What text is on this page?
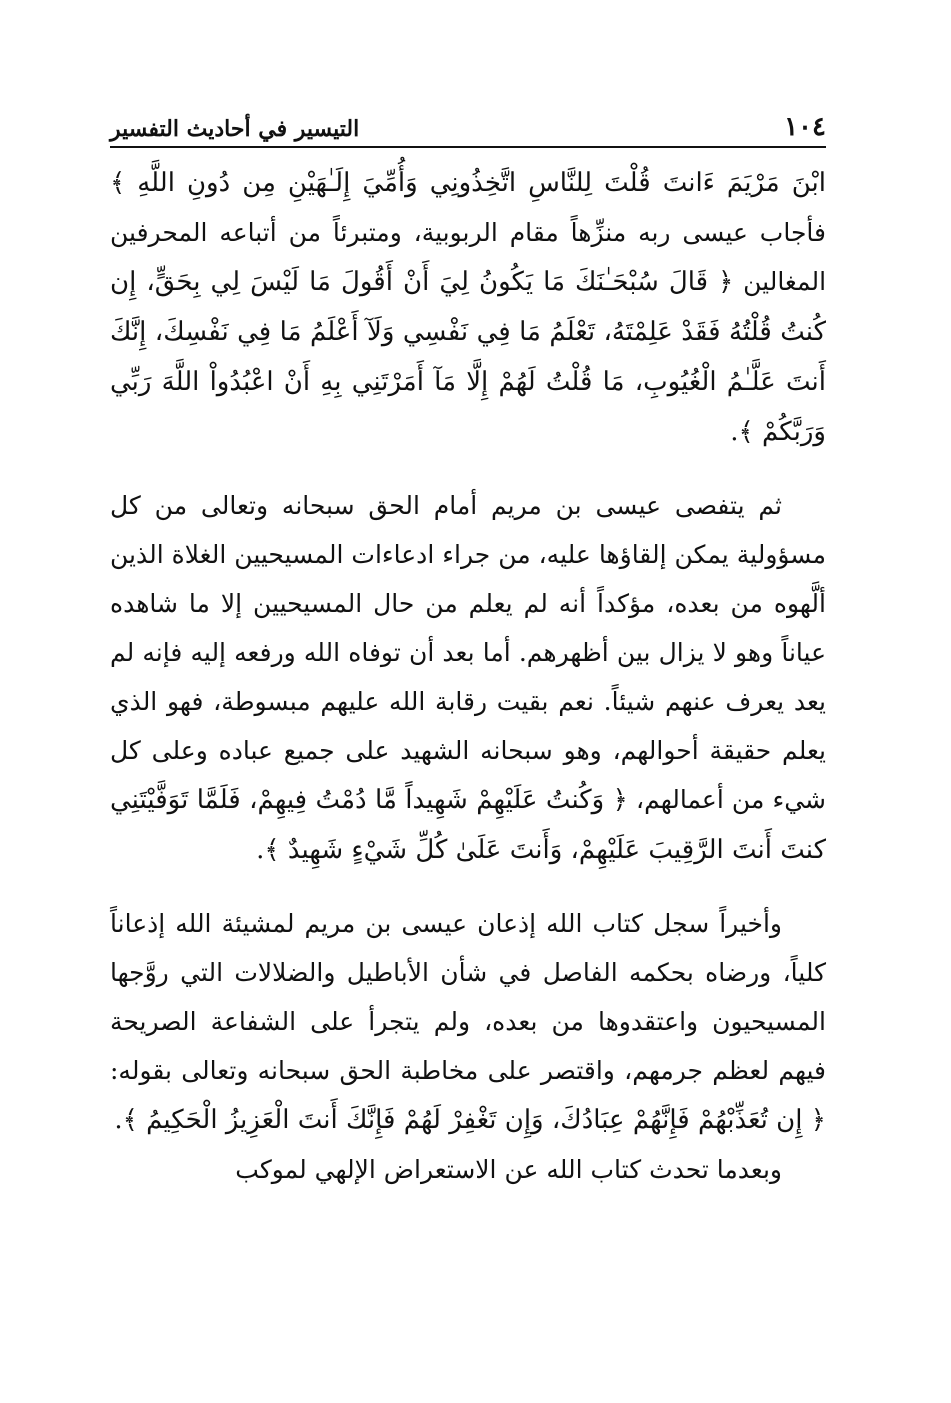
١٠٤
التيسير في أحاديث التفسير

ابْنَ مَرْيَمَ ءَانتَ قُلْتَ لِلنَّاسِ اتَّخِذُونِي وَأُمِّيَ إِلَـٰهَيْنِ مِن دُونِ اللَّهِ ﴾ فأجاب عيسى ربه منزِّهاً مقام الربوبية، ومتبرئاً من أتباعه المحرفين المغالين ﴿ قَالَ سُبْحَـٰنَكَ مَا يَكُونُ لِيَ أَنْ أَقُولَ مَا لَيْسَ لِي بِحَقٍّ، إِن كُنتُ قُلْتُهُ فَقَدْ عَلِمْتَهُ، تَعْلَمُ مَا فِي نَفْسِي وَلَآ أَعْلَمُ مَا فِي نَفْسِكَ، إِنَّكَ أَنتَ عَلَّـٰمُ الْغُيُوبِ، مَا قُلْتُ لَهُمْ إِلَّا مَآ أَمَرْتَنِي بِهِ أَنْ اعْبُدُواْ اللَّهَ رَبِّي وَرَبَّكُمْ ﴾.

ثم يتفصى عيسى بن مريم أمام الحق سبحانه وتعالى من كل مسؤولية يمكن إلقاؤها عليه، من جراء ادعاءات المسيحيين الغلاة الذين ألَّهوه من بعده، مؤكداً أنه لم يعلم من حال المسيحيين إلا ما شاهده عياناً وهو لا يزال بين أظهرهم. أما بعد أن توفاه الله ورفعه إليه فإنه لم يعد يعرف عنهم شيئاً. نعم بقيت رقابة الله عليهم مبسوطة، فهو الذي يعلم حقيقة أحوالهم، وهو سبحانه الشهيد على جميع عباده وعلى كل شيء من أعمالهم، ﴿ وَكُنتُ عَلَيْهِمْ شَهِيداً مَّا دُمْتُ فِيهِمْ، فَلَمَّا تَوَفَّيْتَنِي كنتَ أَنتَ الرَّقِيبَ عَلَيْهِمْ، وَأَنتَ عَلَىٰ كُلِّ شَيْءٍ شَهِيدٌ ﴾.

وأخيراً سجل كتاب الله إذعان عيسى بن مريم لمشيئة الله إذعاناً كلياً، ورضاه بحكمه الفاصل في شأن الأباطيل والضلالات التي روَّجها المسيحيون واعتقدوها من بعده، ولم يتجرأ على الشفاعة الصريحة فيهم لعظم جرمهم، واقتصر على مخاطبة الحق سبحانه وتعالى بقوله: ﴿ إِن تُعَذِّبْهُمْ فَإِنَّهُمْ عِبَادُكَ، وَإِن تَغْفِرْ لَهُمْ فَإِنَّكَ أَنتَ الْعَزِيزُ الْحَكِيمُ ﴾.

وبعدما تحدث كتاب الله عن الاستعراض الإلهي لموكب
